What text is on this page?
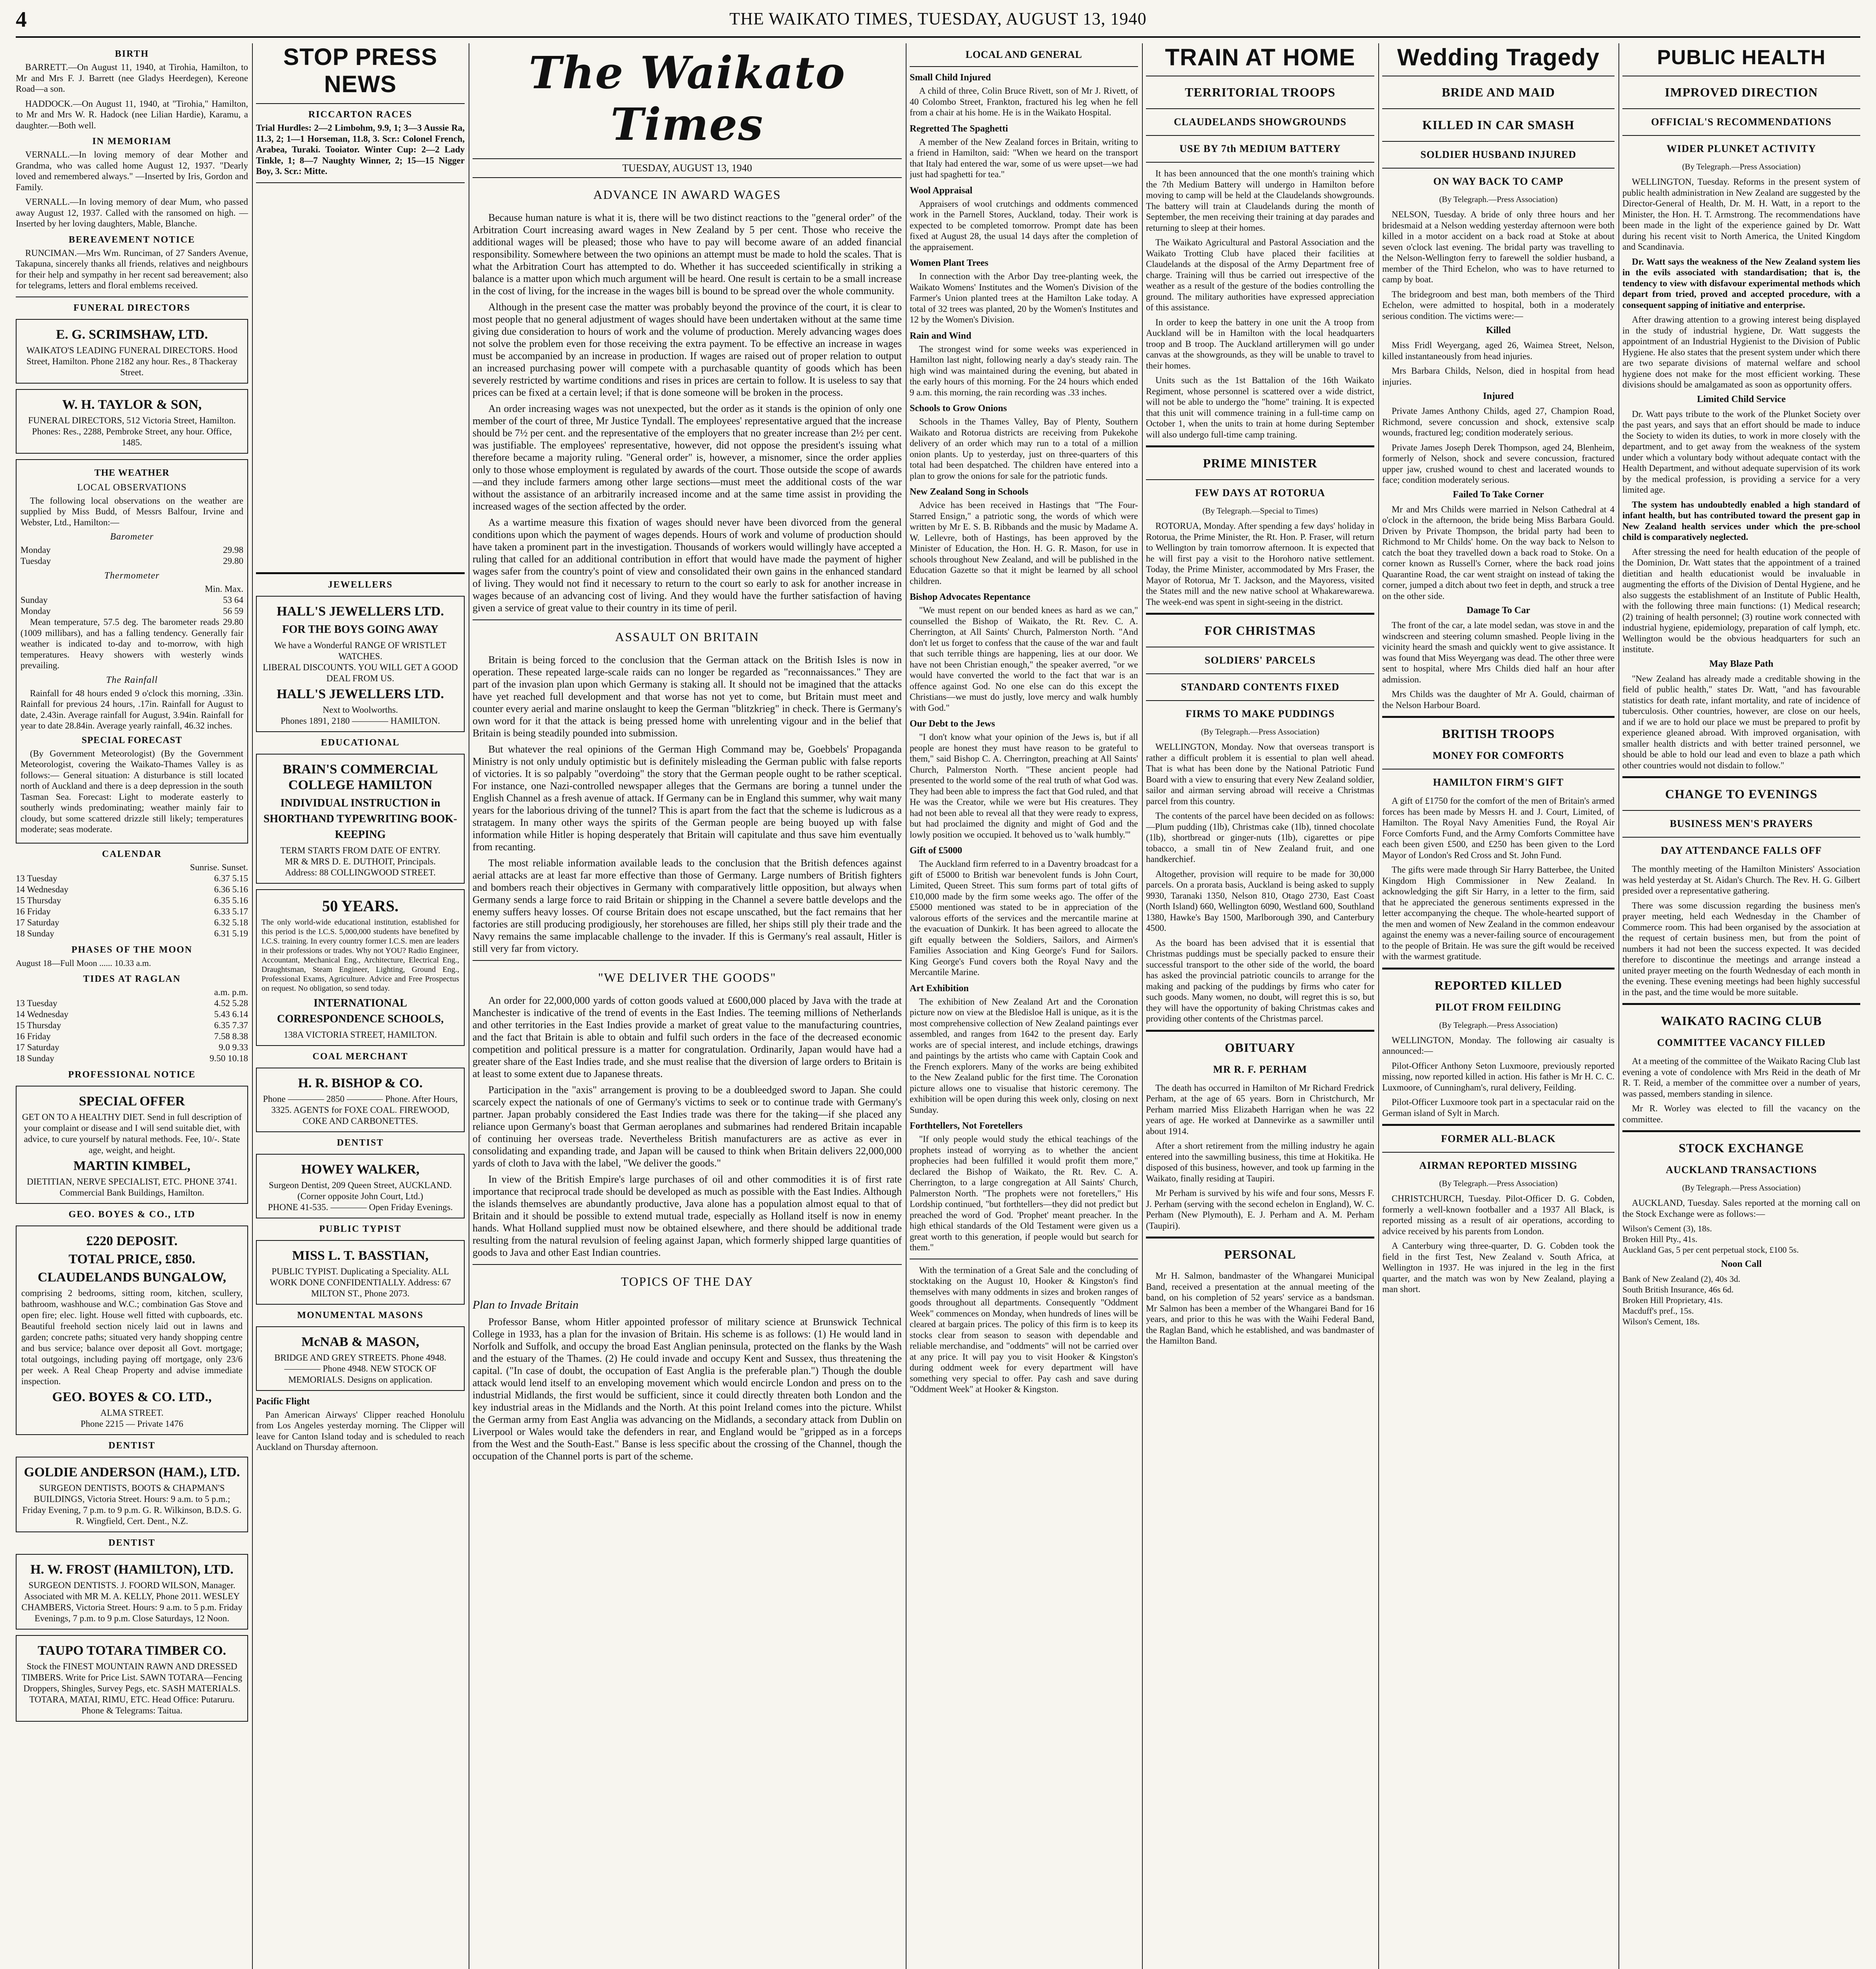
4	THE WAIKATO TIMES, TUESDAY, AUGUST 13, 1940
BIRTH

BARRETT.—On August 11, 1940, at Tirohia, Hamilton, to Mr and Mrs F. J. Barrett (nee Gladys Heerdegen), Kereone Road—a son.

HADDOCK.—On August 11, 1940, at "Tirohia," Hamilton, to Mr and Mrs W. R. Hadock (nee Lilian Hardie), Karamu, a daughter.—Both well.

IN MEMORIAM

VERNALL.—In loving memory of dear Mother and Grandma, who was called home August 12, 1937. "Dearly loved and remembered always." —Inserted by Iris, Gordon and Family.

VERNALL.—In loving memory of dear Mum, who passed away August 12, 1937. Called with the ransomed on high. —Inserted by her loving daughters, Mable, Blanche.

BEREAVEMENT NOTICE

RUNCIMAN.—Mrs Wm. Runciman, of 27 Sanders Avenue, Takapuna, sincerely thanks all friends, relatives and neighbours for their help and sympathy in her recent sad bereavement; also for telegrams, letters and floral emblems received.

FUNERAL DIRECTORS
E. G. SCRIMSHAW, LTD.
WAIKATO'S LEADING FUNERAL DIRECTORS. Hood Street, Hamilton. Phone 2182 any hour. Res., 8 Thackeray Street.
W. H. TAYLOR & SON,
FUNERAL DIRECTORS, 512 Victoria Street, Hamilton. Phones: Res., 2288, Pembroke Street, any hour. Office, 1485.
THE WEATHER
LOCAL OBSERVATIONS

The following local observations on the weather are supplied by Miss Budd, of Messrs Balfour, Irvine and Webster, Ltd., Hamilton:—

Barometer
Monday	29.98
Tuesday	29.80
Thermometer
Min. Max.
Sunday	53 64
Monday	56 59

Mean temperature, 57.5 deg. The barometer reads 29.80 (1009 millibars), and has a falling tendency. Generally fair weather is indicated to-day and to-morrow, with high temperatures. Heavy showers with westerly winds prevailing.

The Rainfall

Rainfall for 48 hours ended 9 o'clock this morning, .33in. Rainfall for previous 24 hours, .17in. Rainfall for August to date, 2.43in. Average rainfall for August, 3.94in. Rainfall for year to date 28.84in. Average yearly rainfall, 46.32 inches.

SPECIAL FORECAST

(By Government Meteorologist) (By the Government Meteorologist, covering the Waikato-Thames Valley is as follows:— General situation: A disturbance is still located north of Auckland and there is a deep depression in the south Tasman Sea. Forecast: Light to moderate easterly to southerly winds predominating; weather mainly fair to cloudy, but some scattered drizzle still likely; temperatures moderate; seas moderate.

CALENDAR
Sunrise. Sunset.
13 Tuesday	6.37 5.15
14 Wednesday	6.36 5.16
15 Thursday	6.35 5.16
16 Friday	6.33 5.17
17 Saturday	6.32 5.18
18 Sunday	6.31 5.19
PHASES OF THE MOON
August 18—Full Moon ...... 10.33 a.m.
TIDES AT RAGLAN
a.m. p.m.
13 Tuesday	4.52 5.28
14 Wednesday	5.43 6.14
15 Thursday	6.35 7.37
16 Friday	7.58 8.38
17 Saturday	9.0 9.33
18 Sunday	9.50 10.18
PROFESSIONAL NOTICE
SPECIAL OFFER
GET ON TO A HEALTHY DIET. Send in full description of your complaint or disease and I will send suitable diet, with advice, to cure yourself by natural methods. Fee, 10/-. State age, weight, and height.
MARTIN KIMBEL,
DIETITIAN, NERVE SPECIALIST, ETC. PHONE 3741. Commercial Bank Buildings, Hamilton.
GEO. BOYES & CO., LTD
£220 DEPOSIT.
TOTAL PRICE, £850.
CLAUDELANDS BUNGALOW,
comprising 2 bedrooms, sitting room, kitchen, scullery, bathroom, washhouse and W.C.; combination Gas Stove and open fire; elec. light. House well fitted with cupboards, etc. Beautiful freehold section nicely laid out in lawns and garden; concrete paths; situated very handy shopping centre and bus service; balance over deposit all Govt. mortgage; total outgoings, including paying off mortgage, only 23/6 per week. A Real Cheap Property and advise immediate inspection.
GEO. BOYES & CO. LTD.,
ALMA STREET.
Phone 2215 — Private 1476
DENTIST
GOLDIE ANDERSON (HAM.), LTD.
SURGEON DENTISTS, BOOTS & CHAPMAN'S BUILDINGS, Victoria Street. Hours: 9 a.m. to 5 p.m.; Friday Evening, 7 p.m. to 9 p.m. G. R. Wilkinson, B.D.S. G. R. Wingfield, Cert. Dent., N.Z.
DENTIST
H. W. FROST (HAMILTON), LTD.
SURGEON DENTISTS. J. FOORD WILSON, Manager. Associated with MR M. A. KELLY, Phone 2011. WESLEY CHAMBERS, Victoria Street. Hours: 9 a.m. to 5 p.m. Friday Evenings, 7 p.m. to 9 p.m. Close Saturdays, 12 Noon.
TAUPO TOTARA TIMBER CO.
Stock the FINEST MOUNTAIN RAWN AND DRESSED TIMBERS. Write for Price List. SAWN TOTARA—Fencing Droppers, Shingles, Survey Pegs, etc. SASH MATERIALS. TOTARA, MATAI, RIMU, ETC. Head Office: Putaruru. Phone & Telegrams: Taitua.
STOP PRESS NEWS
RICCARTON RACES

Trial Hurdles: 2—2 Limbohm, 9.9, 1; 3—3 Aussie Ra, 11.3, 2; 1—1 Horseman, 11.8, 3. Scr.: Colonel French, Arabea, Turaki. Tooiator. Winter Cup: 2—2 Lady Tinkle, 1; 8—7 Naughty Winner, 2; 15—15 Nigger Boy, 3. Scr.: Mitte.

JEWELLERS
HALL'S JEWELLERS LTD.
FOR THE BOYS GOING AWAY
We have a Wonderful RANGE OF WRISTLET WATCHES.
LIBERAL DISCOUNTS. YOU WILL GET A GOOD DEAL FROM US.
HALL'S JEWELLERS LTD.
Next to Woolworths.
Phones 1891, 2180 ———— HAMILTON.
EDUCATIONAL
BRAIN'S COMMERCIAL COLLEGE HAMILTON
INDIVIDUAL INSTRUCTION in SHORTHAND TYPEWRITING BOOK-KEEPING
TERM STARTS FROM DATE OF ENTRY.
MR & MRS D. E. DUTHOIT, Principals.
Address: 88 COLLINGWOOD STREET.
50 YEARS.
The only world-wide educational institution, established for this period is the I.C.S. 5,000,000 students have benefited by I.C.S. training. In every country former I.C.S. men are leaders in their professions or trades. Why not YOU? Radio Engineer, Accountant, Mechanical Eng., Architecture, Electrical Eng., Draughtsman, Steam Engineer, Lighting, Ground Eng., Professional Exams, Agriculture. Advice and Free Prospectus on request. No obligation, so send today.
INTERNATIONAL CORRESPONDENCE SCHOOLS,
138A VICTORIA STREET, HAMILTON.
COAL MERCHANT
H. R. BISHOP & CO.
Phone ———— 2850 ———— Phone. After Hours, 3325. AGENTS for FOXE COAL. FIREWOOD, COKE AND CARBONETTES.
DENTIST
HOWEY WALKER,
Surgeon Dentist, 209 Queen Street, AUCKLAND. (Corner opposite John Court, Ltd.)
PHONE 41-535. ———— Open Friday Evenings.
PUBLIC TYPIST
MISS L. T. BASSTIAN,
PUBLIC TYPIST. Duplicating a Speciality. ALL WORK DONE CONFIDENTIALLY. Address: 67 MILTON ST., Phone 2073.
MONUMENTAL MASONS
McNAB & MASON,
BRIDGE AND GREY STREETS. Phone 4948. ———— Phone 4948. NEW STOCK OF MEMORIALS. Designs on application.
Pacific Flight

Pan American Airways' Clipper reached Honolulu from Los Angeles yesterday morning. The Clipper will leave for Canton Island today and is scheduled to reach Auckland on Thursday afternoon.

The Waikato Times
TUESDAY, AUGUST 13, 1940
ADVANCE IN AWARD WAGES

Because human nature is what it is, there will be two distinct reactions to the "general order" of the Arbitration Court increasing award wages in New Zealand by 5 per cent. Those who receive the additional wages will be pleased; those who have to pay will become aware of an added financial responsibility. Somewhere between the two opinions an attempt must be made to hold the scales. That is what the Arbitration Court has attempted to do. Whether it has succeeded scientifically in striking a balance is a matter upon which much argument will be heard. One result is certain to be a small increase in the cost of living, for the increase in the wages bill is bound to be spread over the whole community.

Although in the present case the matter was probably beyond the province of the court, it is clear to most people that no general adjustment of wages should have been undertaken without at the same time giving due consideration to hours of work and the volume of production. Merely advancing wages does not solve the problem even for those receiving the extra payment. To be effective an increase in wages must be accompanied by an increase in production. If wages are raised out of proper relation to output an increased purchasing power will compete with a purchasable quantity of goods which has been severely restricted by wartime conditions and rises in prices are certain to follow. It is useless to say that prices can be fixed at a certain level; if that is done someone will be broken in the process.

An order increasing wages was not unexpected, but the order as it stands is the opinion of only one member of the court of three, Mr Justice Tyndall. The employees' representative argued that the increase should be 7½ per cent. and the representative of the employers that no greater increase than 2½ per cent. was justifiable. The employees' representative, however, did not oppose the president's issuing what therefore became a majority ruling. "General order" is, however, a misnomer, since the order applies only to those whose employment is regulated by awards of the court. Those outside the scope of awards—and they include farmers among other large sections—must meet the additional costs of the war without the assistance of an arbitrarily increased income and at the same time assist in providing the increased wages of the section affected by the order.

As a wartime measure this fixation of wages should never have been divorced from the general conditions upon which the payment of wages depends. Hours of work and volume of production should have taken a prominent part in the investigation. Thousands of workers would willingly have accepted a ruling that called for an additional contribution in effort that would have made the payment of higher wages safer from the country's point of view and consolidated their own gains in the enhanced standard of living. They would not find it necessary to return to the court so early to ask for another increase in wages because of an advancing cost of living. And they would have the further satisfaction of having given a service of great value to their country in its time of peril.

ASSAULT ON BRITAIN

Britain is being forced to the conclusion that the German attack on the British Isles is now in operation. These repeated large-scale raids can no longer be regarded as "reconnaissances." They are part of the invasion plan upon which Germany is staking all. It should not be imagined that the attacks have yet reached full development and that worse has not yet to come, but Britain must meet and counter every aerial and marine onslaught to keep the German "blitzkrieg" in check. There is Germany's own word for it that the attack is being pressed home with unrelenting vigour and in the belief that Britain is being steadily pounded into submission.

But whatever the real opinions of the German High Command may be, Goebbels' Propaganda Ministry is not only unduly optimistic but is definitely misleading the German public with false reports of victories. It is so palpably "overdoing" the story that the German people ought to be rather sceptical. For instance, one Nazi-controlled newspaper alleges that the Germans are boring a tunnel under the English Channel as a fresh avenue of attack. If Germany can be in England this summer, why wait many years for the laborious driving of the tunnel? This is apart from the fact that the scheme is ludicrous as a stratagem. In many other ways the spirits of the German people are being buoyed up with false information while Hitler is hoping desperately that Britain will capitulate and thus save him eventually from recanting.

The most reliable information available leads to the conclusion that the British defences against aerial attacks are at least far more effective than those of Germany. Large numbers of British fighters and bombers reach their objectives in Germany with comparatively little opposition, but always when Germany sends a large force to raid Britain or shipping in the Channel a severe battle develops and the enemy suffers heavy losses. Of course Britain does not escape unscathed, but the fact remains that her factories are still producing prodigiously, her storehouses are filled, her ships still ply their trade and the Navy remains the same implacable challenge to the invader. If this is Germany's real assault, Hitler is still very far from victory.

"WE DELIVER THE GOODS"

An order for 22,000,000 yards of cotton goods valued at £600,000 placed by Java with the trade at Manchester is indicative of the trend of events in the East Indies. The teeming millions of Netherlands and other territories in the East Indies provide a market of great value to the manufacturing countries, and the fact that Britain is able to obtain and fulfil such orders in the face of the decreased economic competition and political pressure is a matter for congratulation. Ordinarily, Japan would have had a greater share of the East Indies trade, and she must realise that the diversion of large orders to Britain is at least to some extent due to Japanese threats.

Participation in the "axis" arrangement is proving to be a doubleedged sword to Japan. She could scarcely expect the nationals of one of Germany's victims to seek or to continue trade with Germany's partner. Japan probably considered the East Indies trade was there for the taking—if she placed any reliance upon Germany's boast that German aeroplanes and submarines had rendered Britain incapable of continuing her overseas trade. Nevertheless British manufacturers are as active as ever in consolidating and expanding trade, and Japan will be caused to think when Britain delivers 22,000,000 yards of cloth to Java with the label, "We deliver the goods."

In view of the British Empire's large purchases of oil and other commodities it is of first rate importance that reciprocal trade should be developed as much as possible with the East Indies. Although the islands themselves are abundantly productive, Java alone has a population almost equal to that of Britain and it should be possible to extend mutual trade, especially as Holland itself is now in enemy hands. What Holland supplied must now be obtained elsewhere, and there should be additional trade resulting from the natural revulsion of feeling against Japan, which formerly shipped large quantities of goods to Java and other East Indian countries.

TOPICS OF THE DAY
Plan to Invade Britain

Professor Banse, whom Hitler appointed professor of military science at Brunswick Technical College in 1933, has a plan for the invasion of Britain. His scheme is as follows: (1) He would land in Norfolk and Suffolk, and occupy the broad East Anglian peninsula, protected on the flanks by the Wash and the estuary of the Thames. (2) He could invade and occupy Kent and Sussex, thus threatening the capital. ("In case of doubt, the occupation of East Anglia is the preferable plan.") Though the double attack would lend itself to an enveloping movement which would encircle London and press on to the industrial Midlands, the first would be sufficient, since it could directly threaten both London and the key industrial areas in the Midlands and the North. At this point Ireland comes into the picture. Whilst the German army from East Anglia was advancing on the Midlands, a secondary attack from Dublin on Liverpool or Wales would take the defenders in rear, and England would be "gripped as in a forceps from the West and the South-East." Banse is less specific about the crossing of the Channel, though the occupation of the Channel ports is part of the scheme.

LOCAL AND GENERAL
Small Child Injured

A child of three, Colin Bruce Rivett, son of Mr J. Rivett, of 40 Colombo Street, Frankton, fractured his leg when he fell from a chair at his home. He is in the Waikato Hospital.

Regretted The Spaghetti

A member of the New Zealand forces in Britain, writing to a friend in Hamilton, said: "When we heard on the transport that Italy had entered the war, some of us were upset—we had just had spaghetti for tea."

Wool Appraisal

Appraisers of wool crutchings and oddments commenced work in the Parnell Stores, Auckland, today. Their work is expected to be completed tomorrow. Prompt date has been fixed at August 28, the usual 14 days after the completion of the appraisement.

Women Plant Trees

In connection with the Arbor Day tree-planting week, the Waikato Womens' Institutes and the Women's Division of the Farmer's Union planted trees at the Hamilton Lake today. A total of 32 trees was planted, 20 by the Women's Institutes and 12 by the Women's Division.

Rain and Wind

The strongest wind for some weeks was experienced in Hamilton last night, following nearly a day's steady rain. The high wind was maintained during the evening, but abated in the early hours of this morning. For the 24 hours which ended 9 a.m. this morning, the rain recording was .33 inches.

Schools to Grow Onions

Schools in the Thames Valley, Bay of Plenty, Southern Waikato and Rotorua districts are receiving from Pukekohe delivery of an order which may run to a total of a million onion plants. Up to yesterday, just on three-quarters of this total had been despatched. The children have entered into a plan to grow the onions for sale for the patriotic funds.

New Zealand Song in Schools

Advice has been received in Hastings that "The Four-Starred Ensign," a patriotic song, the words of which were written by Mr E. S. B. Ribbands and the music by Madame A. W. Lellevre, both of Hastings, has been approved by the Minister of Education, the Hon. H. G. R. Mason, for use in schools throughout New Zealand, and will be published in the Education Gazette so that it might be learned by all school children.

Bishop Advocates Repentance

"We must repent on our bended knees as hard as we can," counselled the Bishop of Waikato, the Rt. Rev. C. A. Cherrington, at All Saints' Church, Palmerston North. "And don't let us forget to confess that the cause of the war and fault that such terrible things are happening, lies at our door. We have not been Christian enough," the speaker averred, "or we would have converted the world to the fact that war is an offence against God. No one else can do this except the Christians—we must do justly, love mercy and walk humbly with God."

Our Debt to the Jews

"I don't know what your opinion of the Jews is, but if all people are honest they must have reason to be grateful to them," said Bishop C. A. Cherrington, preaching at All Saints' Church, Palmerston North. "These ancient people had presented to the world some of the real truth of what God was. They had been able to impress the fact that God ruled, and that He was the Creator, while we were but His creatures. They had not been able to reveal all that they were ready to express, but had proclaimed the dignity and might of God and the lowly position we occupied. It behoved us to 'walk humbly.'"

Gift of £5000

The Auckland firm referred to in a Daventry broadcast for a gift of £5000 to British war benevolent funds is John Court, Limited, Queen Street. This sum forms part of total gifts of £10,000 made by the firm some weeks ago. The offer of the £5000 mentioned was stated to be in appreciation of the valorous efforts of the services and the mercantile marine at the evacuation of Dunkirk. It has been agreed to allocate the gift equally between the Soldiers, Sailors, and Airmen's Families Association and King George's Fund for Sailors. King George's Fund covers both the Royal Navy and the Mercantile Marine.

Art Exhibition

The exhibition of New Zealand Art and the Coronation picture now on view at the Bledisloe Hall is unique, as it is the most comprehensive collection of New Zealand paintings ever assembled, and ranges from 1642 to the present day. Early works are of special interest, and include etchings, drawings and paintings by the artists who came with Captain Cook and the French explorers. Many of the works are being exhibited to the New Zealand public for the first time. The Coronation picture allows one to visualise that historic ceremony. The exhibition will be open during this week only, closing on next Sunday.

Forthtellers, Not Foretellers

"If only people would study the ethical teachings of the prophets instead of worrying as to whether the ancient prophecies had been fulfilled it would profit them more," declared the Bishop of Waikato, the Rt. Rev. C. A. Cherrington, to a large congregation at All Saints' Church, Palmerston North. "The prophets were not foretellers," His Lordship continued, "but forthtellers—they did not predict but preached the word of God. 'Prophet' meant preacher. In the high ethical standards of the Old Testament were given us a great worth to this generation, if people would but search for them."

With the termination of a Great Sale and the concluding of stocktaking on the August 10, Hooker & Kingston's find themselves with many oddments in sizes and broken ranges of goods throughout all departments. Consequently "Oddment Week" commences on Monday, when hundreds of lines will be cleared at bargain prices. The policy of this firm is to keep its stocks clear from season to season with dependable and reliable merchandise, and "oddments" will not be carried over at any price. It will pay you to visit Hooker & Kingston's during oddment week for every department will have something very special to offer. Pay cash and save during "Oddment Week" at Hooker & Kingston.

TRAIN AT HOME
TERRITORIAL TROOPS
CLAUDELANDS SHOWGROUNDS
USE BY 7th MEDIUM BATTERY

It has been announced that the one month's training which the 7th Medium Battery will undergo in Hamilton before moving to camp will be held at the Claudelands showgrounds. The battery will train at Claudelands during the month of September, the men receiving their training at day parades and returning to sleep at their homes.

The Waikato Agricultural and Pastoral Association and the Waikato Trotting Club have placed their facilities at Claudelands at the disposal of the Army Department free of charge. Training will thus be carried out irrespective of the weather as a result of the gesture of the bodies controlling the ground. The military authorities have expressed appreciation of this assistance.

In order to keep the battery in one unit the A troop from Auckland will be in Hamilton with the local headquarters troop and B troop. The Auckland artillerymen will go under canvas at the showgrounds, as they will be unable to travel to their homes.

Units such as the 1st Battalion of the 16th Waikato Regiment, whose personnel is scattered over a wide district, will not be able to undergo the "home" training. It is expected that this unit will commence training in a full-time camp on October 1, when the units to train at home during September will also undergo full-time camp training.

PRIME MINISTER
FEW DAYS AT ROTORUA
(By Telegraph.—Special to Times)

ROTORUA, Monday. After spending a few days' holiday in Rotorua, the Prime Minister, the Rt. Hon. P. Fraser, will return to Wellington by train tomorrow afternoon. It is expected that he will first pay a visit to the Horohoro native settlement. Today, the Prime Minister, accommodated by Mrs Fraser, the Mayor of Rotorua, Mr T. Jackson, and the Mayoress, visited the States mill and the new native school at Whakarewarewa. The week-end was spent in sight-seeing in the district.

FOR CHRISTMAS
SOLDIERS' PARCELS
STANDARD CONTENTS FIXED
FIRMS TO MAKE PUDDINGS
(By Telegraph.—Press Association)

WELLINGTON, Monday. Now that overseas transport is rather a difficult problem it is essential to plan well ahead. That is what has been done by the National Patriotic Fund Board with a view to ensuring that every New Zealand soldier, sailor and airman serving abroad will receive a Christmas parcel from this country.

The contents of the parcel have been decided on as follows:—Plum pudding (1lb), Christmas cake (1lb), tinned chocolate (1lb), shortbread or ginger-nuts (1lb), cigarettes or pipe tobacco, a small tin of New Zealand fruit, and one handkerchief.

Altogether, provision will require to be made for 30,000 parcels. On a prorata basis, Auckland is being asked to supply 9930, Taranaki 1350, Nelson 810, Otago 2730, East Coast (North Island) 660, Wellington 6090, Westland 600, Southland 1380, Hawke's Bay 1500, Marlborough 390, and Canterbury 4500.

As the board has been advised that it is essential that Christmas puddings must be specially packed to ensure their successful transport to the other side of the world, the board has asked the provincial patriotic councils to arrange for the making and packing of the puddings by firms who cater for such goods. Many women, no doubt, will regret this is so, but they will have the opportunity of baking Christmas cakes and providing other contents of the Christmas parcel.

OBITUARY
MR R. F. PERHAM

The death has occurred in Hamilton of Mr Richard Fredrick Perham, at the age of 65 years. Born in Christchurch, Mr Perham married Miss Elizabeth Harrigan when he was 22 years of age. He worked at Dannevirke as a sawmiller until about 1914.

After a short retirement from the milling industry he again entered into the sawmilling business, this time at Hokitika. He disposed of this business, however, and took up farming in the Waikato, finally residing at Taupiri.

Mr Perham is survived by his wife and four sons, Messrs F. J. Perham (serving with the second echelon in England), W. C. Perham (New Plymouth), E. J. Perham and A. M. Perham (Taupiri).

PERSONAL

Mr H. Salmon, bandmaster of the Whangarei Municipal Band, received a presentation at the annual meeting of the band, on his completion of 52 years' service as a bandsman. Mr Salmon has been a member of the Whangarei Band for 16 years, and prior to this he was with the Waihi Federal Band, the Raglan Band, which he established, and was bandmaster of the Hamilton Band.

Wedding Tragedy
BRIDE AND MAID
KILLED IN CAR SMASH
SOLDIER HUSBAND INJURED
ON WAY BACK TO CAMP
(By Telegraph.—Press Association)

NELSON, Tuesday. A bride of only three hours and her bridesmaid at a Nelson wedding yesterday afternoon were both killed in a motor accident on a back road at Stoke at about seven o'clock last evening. The bridal party was travelling to the Nelson-Wellington ferry to farewell the soldier husband, a member of the Third Echelon, who was to have returned to camp by boat.

The bridegroom and best man, both members of the Third Echelon, were admitted to hospital, both in a moderately serious condition. The victims were:—

Killed

Miss Fridl Weyergang, aged 26, Waimea Street, Nelson, killed instantaneously from head injuries.

Mrs Barbara Childs, Nelson, died in hospital from head injuries.

Injured

Private James Anthony Childs, aged 27, Champion Road, Richmond, severe concussion and shock, extensive scalp wounds, fractured leg; condition moderately serious.

Private James Joseph Derek Thompson, aged 24, Blenheim, formerly of Nelson, shock and severe concussion, fractured upper jaw, crushed wound to chest and lacerated wounds to face; condition moderately serious.

Failed To Take Corner

Mr and Mrs Childs were married in Nelson Cathedral at 4 o'clock in the afternoon, the bride being Miss Barbara Gould. Driven by Private Thompson, the bridal party had been to Richmond to Mr Childs' home. On the way back to Nelson to catch the boat they travelled down a back road to Stoke. On a corner known as Russell's Corner, where the back road joins Quarantine Road, the car went straight on instead of taking the corner, jumped a ditch about two feet in depth, and struck a tree on the other side.

Damage To Car

The front of the car, a late model sedan, was stove in and the windscreen and steering column smashed. People living in the vicinity heard the smash and quickly went to give assistance. It was found that Miss Weyergang was dead. The other three were sent to hospital, where Mrs Childs died half an hour after admission.

Mrs Childs was the daughter of Mr A. Gould, chairman of the Nelson Harbour Board.

BRITISH TROOPS
MONEY FOR COMFORTS
HAMILTON FIRM'S GIFT

A gift of £1750 for the comfort of the men of Britain's armed forces has been made by Messrs H. and J. Court, Limited, of Hamilton. The Royal Navy Amenities Fund, the Royal Air Force Comforts Fund, and the Army Comforts Committee have each been given £500, and £250 has been given to the Lord Mayor of London's Red Cross and St. John Fund.

The gifts were made through Sir Harry Batterbee, the United Kingdom High Commissioner in New Zealand. In acknowledging the gift Sir Harry, in a letter to the firm, said that he appreciated the generous sentiments expressed in the letter accompanying the cheque. The whole-hearted support of the men and women of New Zealand in the common endeavour against the enemy was a never-failing source of encouragement to the people of Britain. He was sure the gift would be received with the warmest gratitude.

REPORTED KILLED
PILOT FROM FEILDING
(By Telegraph.—Press Association)

WELLINGTON, Monday. The following air casualty is announced:—

Pilot-Officer Anthony Seton Luxmoore, previously reported missing, now reported killed in action. His father is Mr H. C. C. Luxmoore, of Cunningham's, rural delivery, Feilding.

Pilot-Officer Luxmoore took part in a spectacular raid on the German island of Sylt in March.

FORMER ALL-BLACK
AIRMAN REPORTED MISSING
(By Telegraph.—Press Association)

CHRISTCHURCH, Tuesday. Pilot-Officer D. G. Cobden, formerly a well-known footballer and a 1937 All Black, is reported missing as a result of air operations, according to advice received by his parents from London.

A Canterbury wing three-quarter, D. G. Cobden took the field in the first Test, New Zealand v. South Africa, at Wellington in 1937. He was injured in the leg in the first quarter, and the match was won by New Zealand, playing a man short.

PUBLIC HEALTH
IMPROVED DIRECTION
OFFICIAL'S RECOMMENDATIONS
WIDER PLUNKET ACTIVITY
(By Telegraph.—Press Association)

WELLINGTON, Tuesday. Reforms in the present system of public health administration in New Zealand are suggested by the Director-General of Health, Dr. M. H. Watt, in a report to the Minister, the Hon. H. T. Armstrong. The recommendations have been made in the light of the experience gained by Dr. Watt during his recent visit to North America, the United Kingdom and Scandinavia.

Dr. Watt says the weakness of the New Zealand system lies in the evils associated with standardisation; that is, the tendency to view with disfavour experimental methods which depart from tried, proved and accepted procedure, with a consequent sapping of initiative and enterprise.

After drawing attention to a growing interest being displayed in the study of industrial hygiene, Dr. Watt suggests the appointment of an Industrial Hygienist to the Division of Public Hygiene. He also states that the present system under which there are two separate divisions of maternal welfare and school hygiene does not make for the most efficient working. These divisions should be amalgamated as soon as opportunity offers.

Limited Child Service

Dr. Watt pays tribute to the work of the Plunket Society over the past years, and says that an effort should be made to induce the Society to widen its duties, to work in more closely with the department, and to get away from the weakness of the system under which a voluntary body without adequate contact with the Health Department, and without adequate supervision of its work by the medical profession, is providing a service for a very limited age.

The system has undoubtedly enabled a high standard of infant health, but has contributed toward the present gap in New Zealand health services under which the pre-school child is comparatively neglected.

After stressing the need for health education of the people of the Dominion, Dr. Watt states that the appointment of a trained dietitian and health educationist would be invaluable in augmenting the efforts of the Division of Dental Hygiene, and he also suggests the establishment of an Institute of Public Health, with the following three main functions: (1) Medical research; (2) training of health personnel; (3) routine work connected with industrial hygiene, epidemiology, preparation of calf lymph, etc. Wellington would be the obvious headquarters for such an institute.

May Blaze Path

"New Zealand has already made a creditable showing in the field of public health," states Dr. Watt, "and has favourable statistics for death rate, infant mortality, and rate of incidence of tuberculosis. Other countries, however, are close on our heels, and if we are to hold our place we must be prepared to profit by experience gleaned abroad. With improved organisation, with smaller health districts and with better trained personnel, we should be able to hold our lead and even to blaze a path which other countries would not disdain to follow."

CHANGE TO EVENINGS
BUSINESS MEN'S PRAYERS
DAY ATTENDANCE FALLS OFF

The monthly meeting of the Hamilton Ministers' Association was held yesterday at St. Aidan's Church. The Rev. H. G. Gilbert presided over a representative gathering.

There was some discussion regarding the business men's prayer meeting, held each Wednesday in the Chamber of Commerce room. This had been organised by the association at the request of certain business men, but from the point of numbers it had not been the success expected. It was decided therefore to discontinue the meetings and arrange instead a united prayer meeting on the fourth Wednesday of each month in the evening. These evening meetings had been highly successful in the past, and the time would be more suitable.

WAIKATO RACING CLUB
COMMITTEE VACANCY FILLED

At a meeting of the committee of the Waikato Racing Club last evening a vote of condolence with Mrs Reid in the death of Mr R. T. Reid, a member of the committee over a number of years, was passed, members standing in silence.

Mr R. Worley was elected to fill the vacancy on the committee.

STOCK EXCHANGE
AUCKLAND TRANSACTIONS
(By Telegraph.—Press Association)

AUCKLAND, Tuesday. Sales reported at the morning call on the Stock Exchange were as follows:—

Wilson's Cement (3), 18s.
Broken Hill Pty., 41s.
Auckland Gas, 5 per cent perpetual stock, £100 5s.
Noon Call
Bank of New Zealand (2), 40s 3d.
South British Insurance, 46s 6d.
Broken Hill Proprietary, 41s.
Macduff's pref., 15s.
Wilson's Cement, 18s.
